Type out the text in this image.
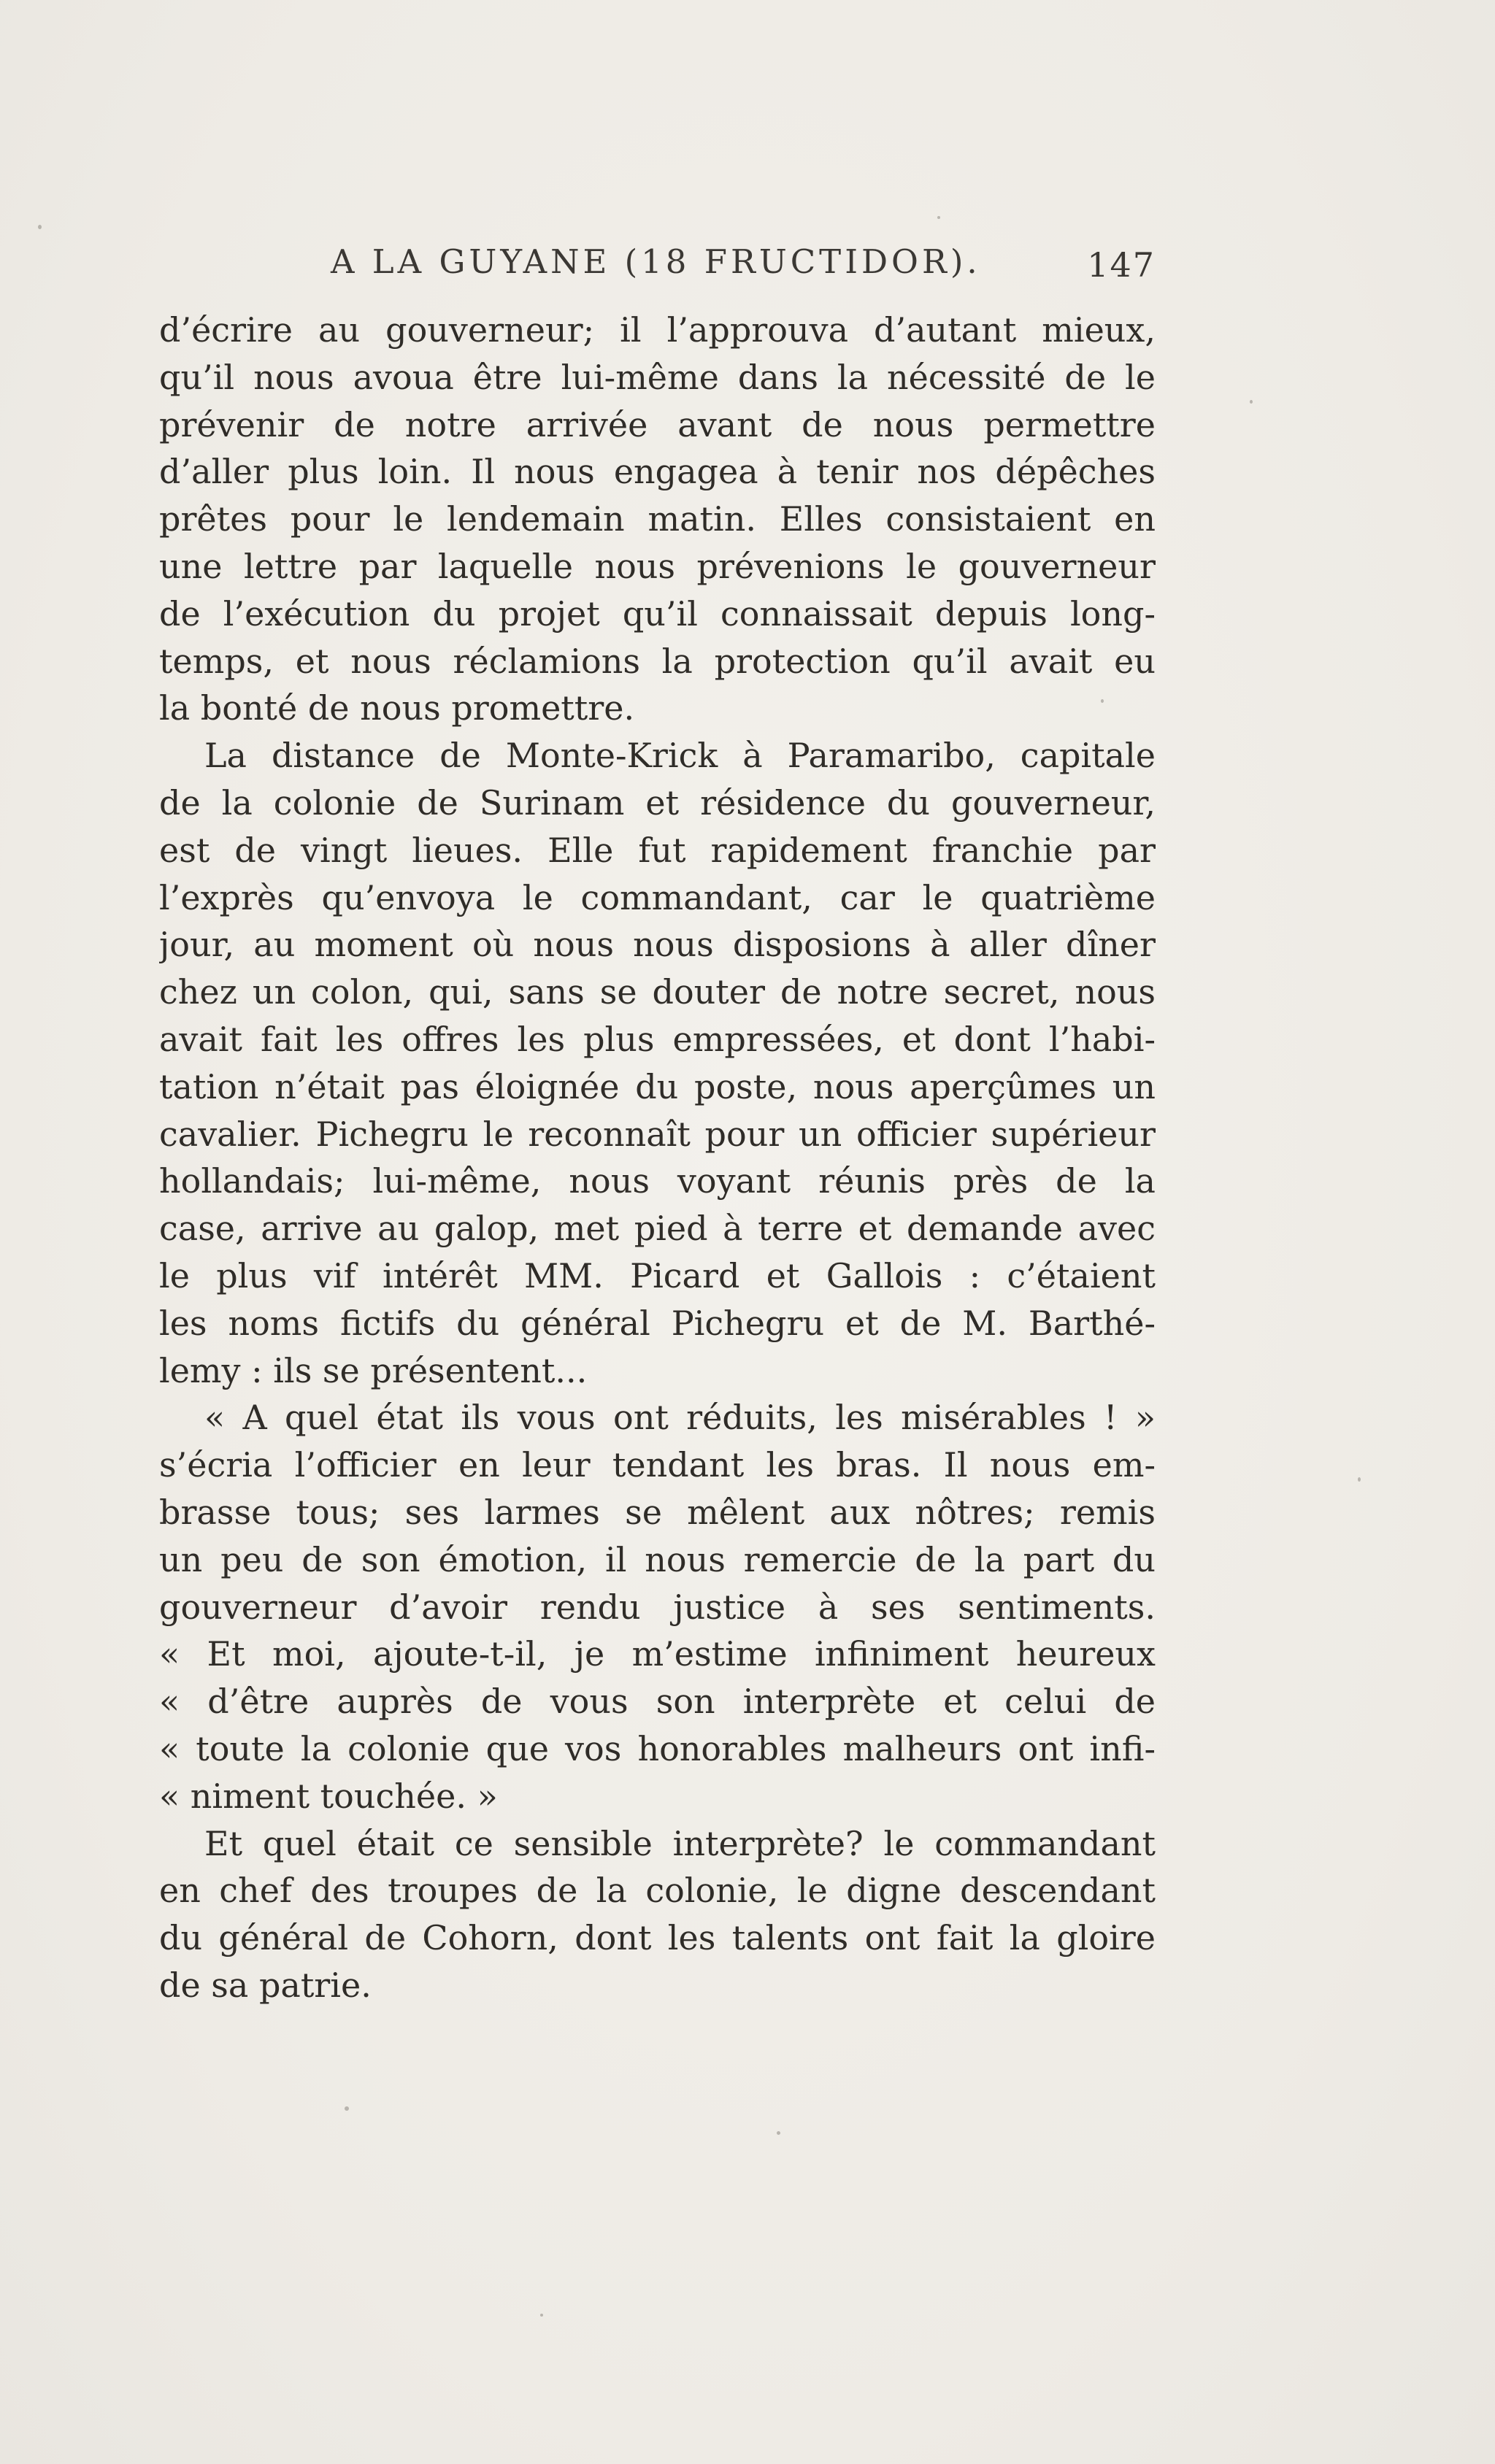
A LA GUYANE (18 FRUCTIDOR).	147
d’écrire au gouverneur; il l’approuva d’autant mieux,
qu’il nous avoua être lui-même dans la nécessité de le
prévenir de notre arrivée avant de nous permettre
d’aller plus loin. Il nous engagea à tenir nos dépêches
prêtes pour le lendemain matin. Elles consistaient en
une lettre par laquelle nous prévenions le gouverneur
de l’exécution du projet qu’il connaissait depuis long-
temps, et nous réclamions la protection qu’il avait eu
la bonté de nous promettre.
La distance de Monte-Krick à Paramaribo, capitale
de la colonie de Surinam et résidence du gouverneur,
est de vingt lieues. Elle fut rapidement franchie par
l’exprès qu’envoya le commandant, car le quatrième
jour, au moment où nous nous disposions à aller dîner
chez un colon, qui, sans se douter de notre secret, nous
avait fait les offres les plus empressées, et dont l’habi-
tation n’était pas éloignée du poste, nous aperçûmes un
cavalier. Pichegru le reconnaît pour un officier supérieur
hollandais; lui-même, nous voyant réunis près de la
case, arrive au galop, met pied à terre et demande avec
le plus vif intérêt MM. Picard et Gallois : c’étaient
les noms fictifs du général Pichegru et de M. Barthé-
lemy : ils se présentent...
« A quel état ils vous ont réduits, les misérables ! »
s’écria l’officier en leur tendant les bras. Il nous em-
brasse tous; ses larmes se mêlent aux nôtres; remis
un peu de son émotion, il nous remercie de la part du
gouverneur d’avoir rendu justice à ses sentiments.
« Et moi, ajoute-t-il, je m’estime infiniment heureux
« d’être auprès de vous son interprète et celui de
« toute la colonie que vos honorables malheurs ont infi-
« niment touchée. »
Et quel était ce sensible interprète? le commandant
en chef des troupes de la colonie, le digne descendant
du général de Cohorn, dont les talents ont fait la gloire
de sa patrie.
